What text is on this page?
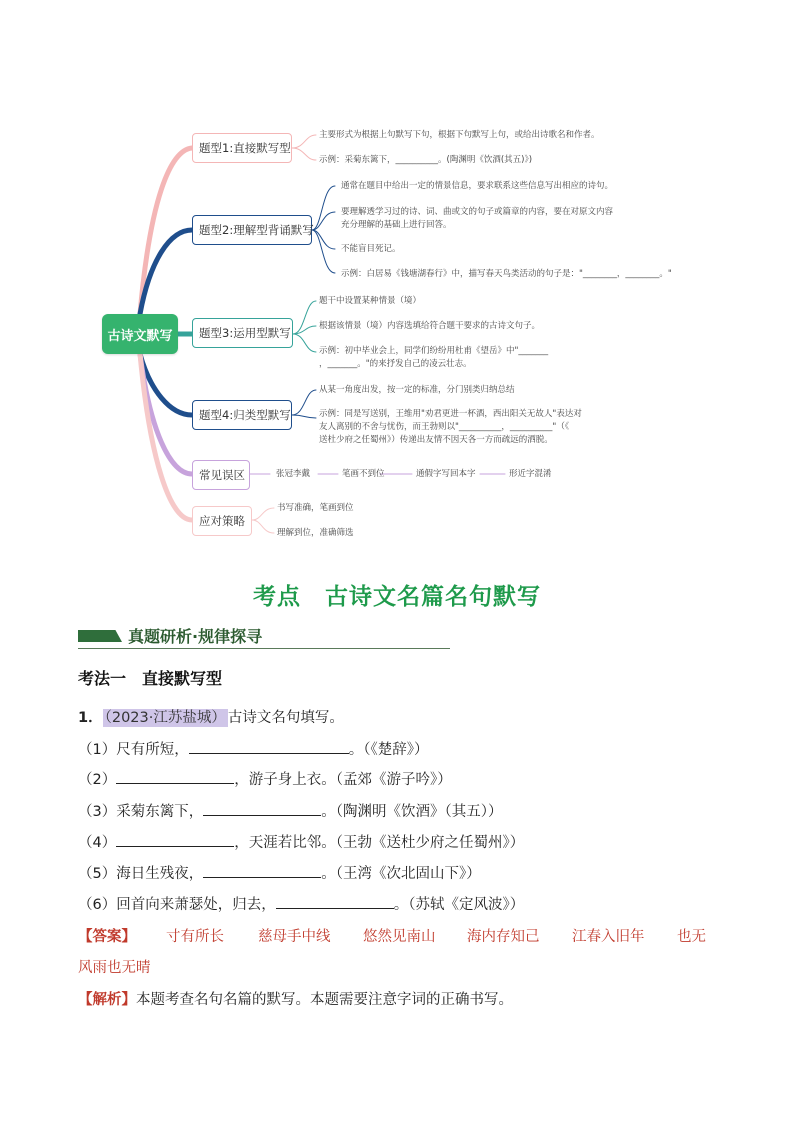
古诗文默写
题型1:直接默写型
题型2:理解型背诵默写
题型3:运用型默写
题型4:归类型默写
常见误区
应对策略
主要形式为根据上句默写下句，根据下句默写上句，或给出诗歌名和作者。
示例：采菊东篱下，__________。(陶渊明《饮酒(其五)》)
通常在题目中给出一定的情景信息，要求联系这些信息写出相应的诗句。
要理解透学习过的诗、词、曲或文的句子或篇章的内容，要在对原文内容
充分理解的基础上进行回答。
不能盲目死记。
示例：白居易《钱塘湖春行》中，描写春天鸟类活动的句子是："________，________。"
题干中设置某种情景（境）
根据该情景（境）内容选填给符合题干要求的古诗文句子。
示例：初中毕业会上，同学们纷纷用杜甫《望岳》中"_______
，_______。"的来抒发自己的凌云壮志。
从某一角度出发，按一定的标准，分门别类归纳总结
示例：同是写送别，王维用"劝君更进一杯酒，西出阳关无故人"表达对
友人离别的不舍与忧伤，而王勃则以"__________，__________"（《
送杜少府之任蜀州》）传递出友情不因天各一方而疏远的洒脱。
张冠李戴	笔画不到位	通假字写回本字	形近字混淆
书写准确，笔画到位
理解到位，准确筛选
考点　古诗文名篇名句默写
真题研析·规律探寻
考法一　直接默写型
1． （2023·江苏盐城） 古诗文名句填写。
（1）尺有所短，	。（《楚辞》）
（2）	，游子身上衣。（孟郊《游子吟》）
（3）采菊东篱下，	。（陶渊明《饮酒》（其五））
（4）	，天涯若比邻。（王勃《送杜少府之任蜀州》）
（5）海日生残夜，	。（王湾《次北固山下》）
（6）回首向来萧瑟处，归去，	。（苏轼《定风波》）
【答案】 寸有所长 慈母手中线 悠然见南山 海内存知己 江春入旧年 也无
风雨也无晴
【解析】本题考查名句名篇的默写。本题需要注意字词的正确书写。
